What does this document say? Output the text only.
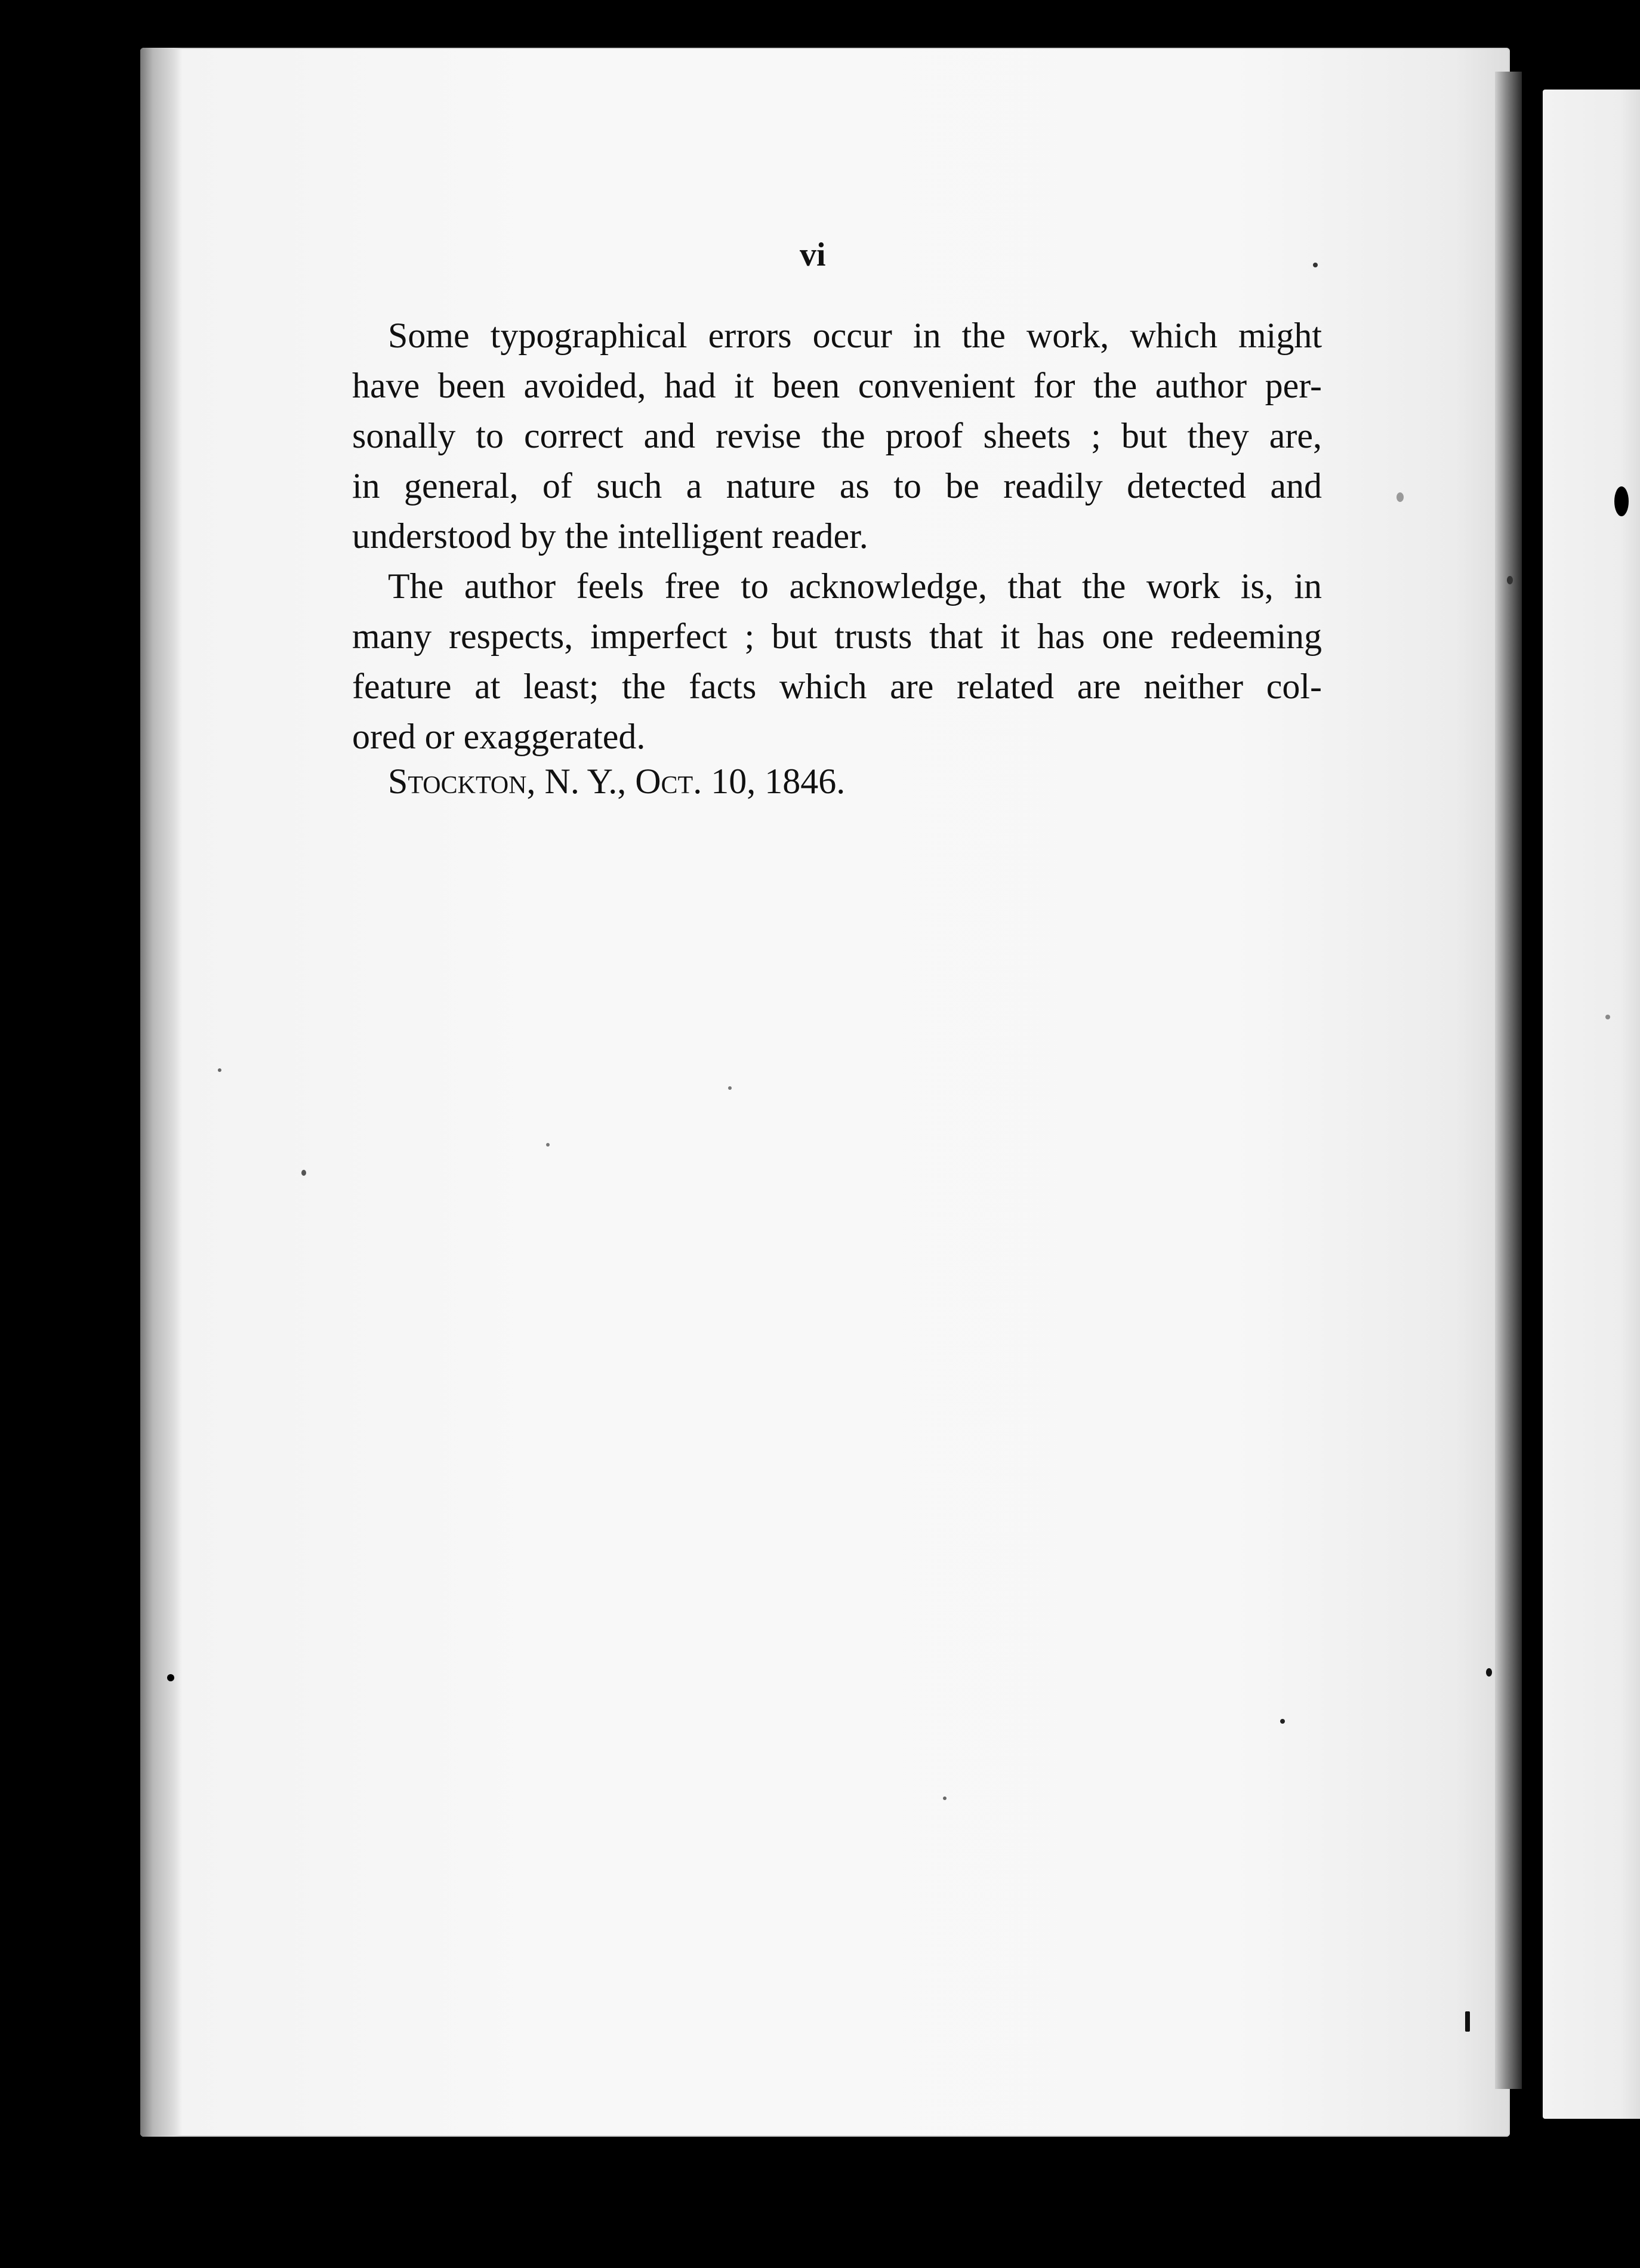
vi
Some typographical errors occur in the work, which might
have been avoided, had it been convenient for the author per-
sonally to correct and revise the proof sheets ; but they are,
in general, of such a nature as to be readily detected and
understood by the intelligent reader.
The author feels free to acknowledge, that the work is, in
many respects, imperfect ; but trusts that it has one redeeming
feature at least; the facts which are related are neither col-
ored or exaggerated.
Stockton, N. Y., Oct. 10, 1846.
